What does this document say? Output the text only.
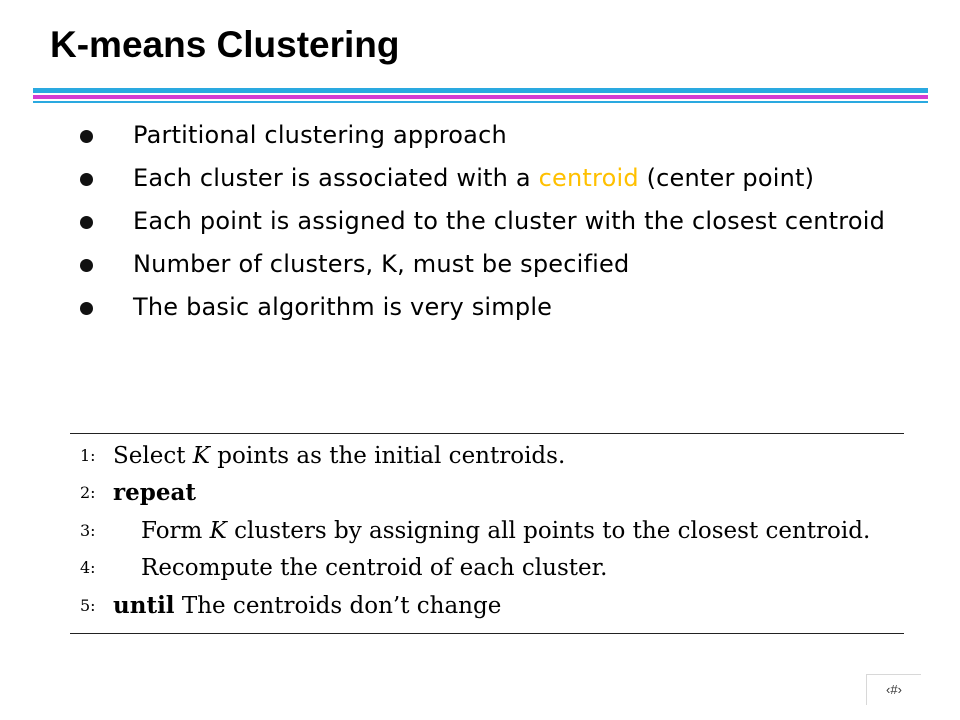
K-means Clustering
Partitional clustering approach
Each cluster is associated with a centroid (center point)
Each point is assigned to the cluster with the closest centroid
Number of clusters, K, must be specified
The basic algorithm is very simple
1: Select K points as the initial centroids.
2: repeat
3: Form K clusters by assigning all points to the closest centroid.
4: Recompute the centroid of each cluster.
5: until The centroids don’t change
‹#›
